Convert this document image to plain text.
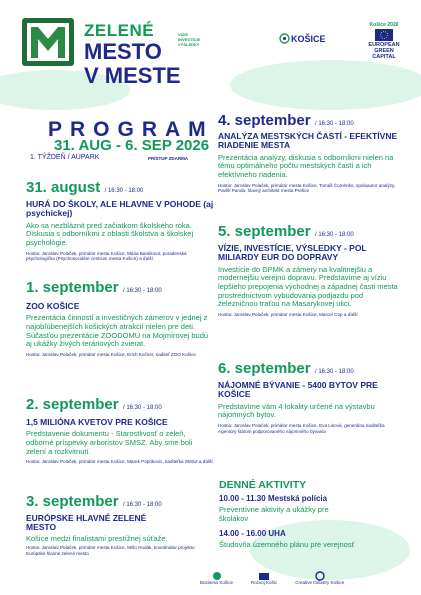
ZELENÉ
MESTO
V MESTE
VÍZIE
INVESTÍCIE
VÝSLEDKY
KOŠICE
Košice 2026
EUROPEAN
GREEN CAPITAL
PROGRAM
31. AUG - 6. SEP 2026
1. TÝŽDEŇ / AUPARK	PRÍSTUP ZDARMA
31. august / 16:30 - 18:00
HURÁ DO ŠKOLY, ALE HLAVNE V POHODE (aj psychickej)
Ako sa nezbláznit pred začiatkom školského roka. Diskusia s odborníkmi z oblasti školstva a školskej psychológie.
Hostia: Jaroslav Polaček, primátor mesta Košice, Mária Barsiková, poradenská psychologička (Psychosociálne centrum mesta Košice) a ďalší
1. september / 16:30 - 18:00
ZOO KOŠICE
Prezentácia činností a investičných zámerov v jednej z najobľúbenejších košických atrakcií nielen pre deti. Súčasťou prezentácie ZOODOMU na Mojmírovej budú aj ukážky živých teráriových zvierat.
Hostia: Jaroslav Polaček, primátor mesta Košice, Erich Kočner, riaditeľ ZOO Košice
2. september / 16:30 - 18:00
1,5 MILIÓNA KVETOV PRE KOŠICE
Predstavenie dokumentu - Starostlivosť o zeleň, odborné príspevky arboristov SMSZ. Aby sme boli zelení a rozkvitnutí.
Hostia: Jaroslav Polaček, primátor mesta Košice, Marek Poprikovic, riaditeľka SMSZ a ďalší
3. september / 16:30 - 18:00
EURÓPSKE HLAVNÉ ZELENÉ MESTO
Košice medzi finalistami prestížnej súťaže.
Hostia: Jaroslav Polaček, primátor mesta Košice, Mišo Hudák, koordinátor projektu Európske hlavné zelené mesto
4. september / 16:30 - 18:00
ANALÝZA MESTSKÝCH ČASTÍ - EFEKTÍVNE RIADENIE MESTA
Prezentácia analýzy, diskusia s odborníkmi nielen na tému optimálneho počtu mestských častí a ich efektívneho riadenia.
Hostia: Jaroslav Polaček, primátor mesta Košice, Tomáš Čoménko, spoluautor analýzy, Pavlík Panda, hlavný architekt mesta Prešov
5. september / 16:30 - 18:00
VÍZIE, INVESTÍCIE, VÝSLEDKY - POL MILIARDY EUR DO DOPRAVY
Investície do DPMK a zámery na kvalitnejšiu a modernejšiu verejnú dopravu. Predstavíme aj víziu lepšieho prepojenia východnej a západnej časti mesta prostredníctvom vybudovania podjazdu pod železničnou traťou na Masarykovej ulici.
Hostia: Jaroslav Polaček, primátor mesta Košice, Marcel Cop a ďalší
6. september / 16:30 - 18:00
NÁJOMNÉ BÝVANIE - 5400 BYTOV PRE KOŠICE
Predstavíme vám 4 lokality určené na výstavbu nájomných bytov.
Hostia: Jaroslav Polaček, primátor mesta Košice, Eva Lisová, generálna riaditeľka Agentúry štátom podporovaného nájomného bývania
DENNÉ AKTIVITY
10.00 - 11.30 Mestská polícia
Preventívne aktivity a ukážky pre školákov
14.00 - 16.00 UHA
Študovňa územného plánu pre verejnosť
Business Košice	Rozvoj Košíc	Creative Industry Košice
